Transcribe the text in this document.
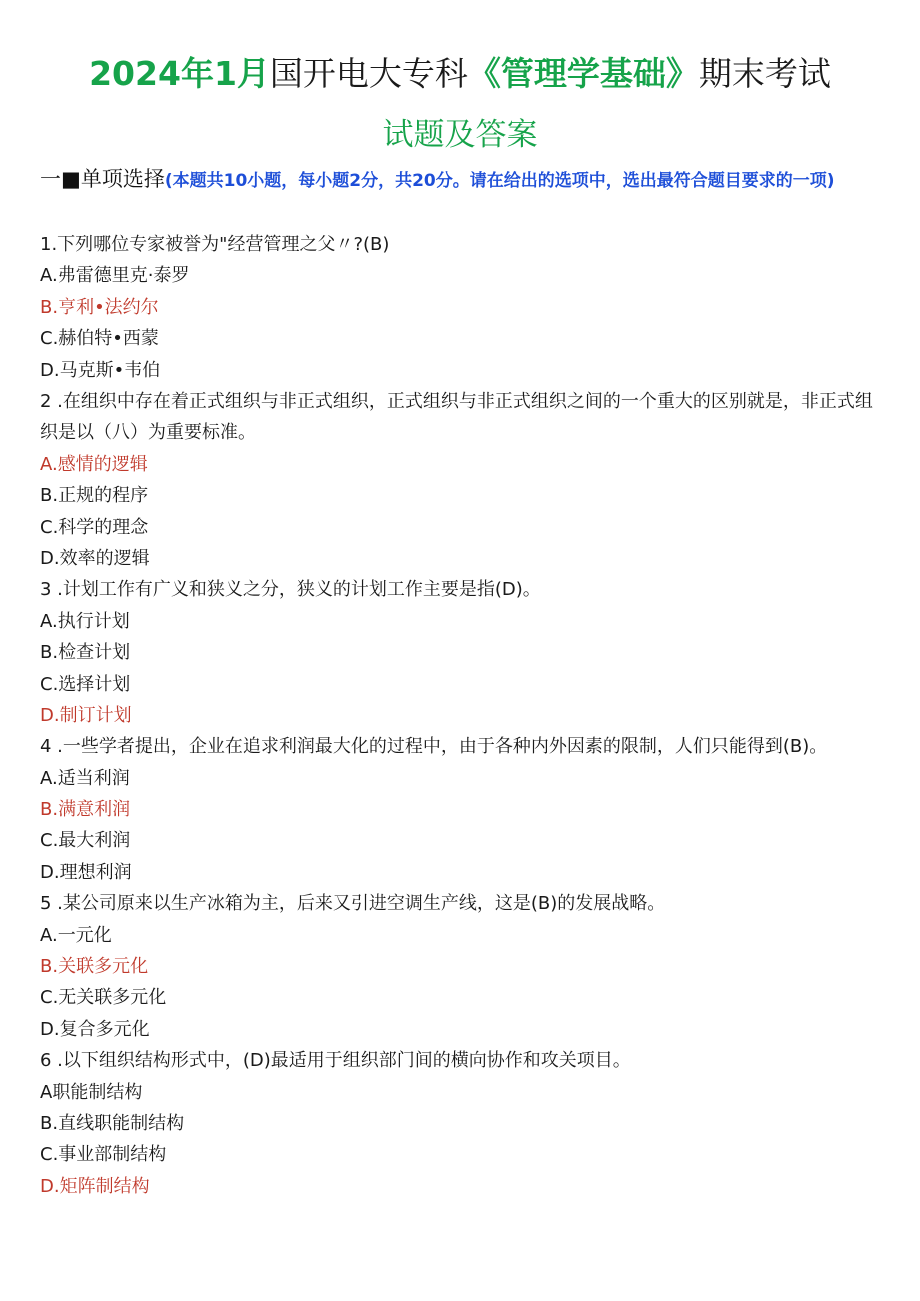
2024年1月国开电大专科《管理学基础》期末考试
试题及答案
一■单项选择(本题共10小题，每小题2分，共20分。请在给出的选项中，选出最符合题目要求的一项)
1.下列哪位专家被誉为"经营管理之父〃?(B)
A.弗雷德里克·泰罗
B.亨利•法约尔
C.赫伯特•西蒙
D.马克斯•韦伯
2 .在组织中存在着正式组织与非正式组织，正式组织与非正式组织之间的一个重大的区别就是，非正式组织是以（八）为重要标准。
A.感情的逻辑
B.正规的程序
C.科学的理念
D.效率的逻辑
3 .计划工作有广义和狭义之分，狭义的计划工作主要是指(D)。
A.执行计划
B.检查计划
C.选择计划
D.制订计划
4 .一些学者提出，企业在追求利润最大化的过程中，由于各种内外因素的限制，人们只能得到(B)。
A.适当利润
B.满意利润
C.最大利润
D.理想利润
5 .某公司原来以生产冰箱为主，后来又引进空调生产线，这是(B)的发展战略。
A.一元化
B.关联多元化
C.无关联多元化
D.复合多元化
6 .以下组织结构形式中，(D)最适用于组织部门间的横向协作和攻关项目。
A职能制结构
B.直线职能制结构
C.事业部制结构
D.矩阵制结构
